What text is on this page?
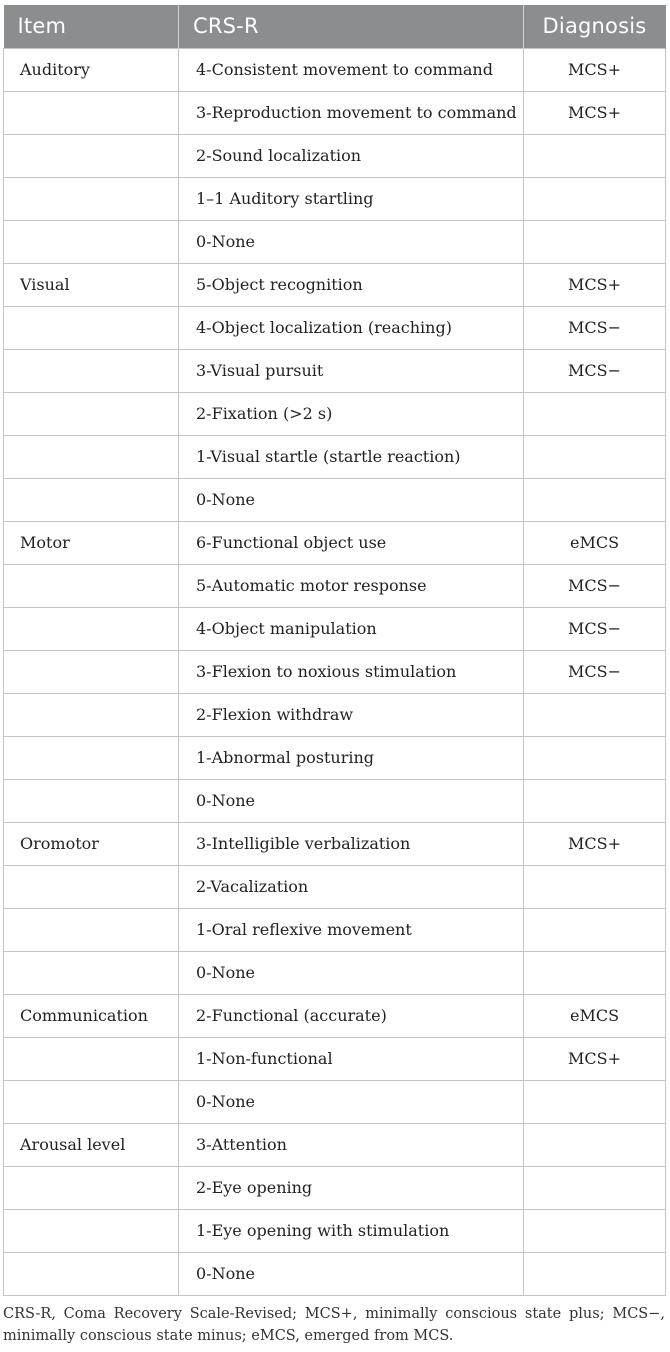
Item	CRS-R	Diagnosis
Auditory	4-Consistent movement to command	MCS+
	3-Reproduction movement to command	MCS+
	2-Sound localization	
	1–1 Auditory startling	
	0-None	
Visual	5-Object recognition	MCS+
	4-Object localization (reaching)	MCS−
	3-Visual pursuit	MCS−
	2-Fixation (>2 s)	
	1-Visual startle (startle reaction)	
	0-None	
Motor	6-Functional object use	eMCS
	5-Automatic motor response	MCS−
	4-Object manipulation	MCS−
	3-Flexion to noxious stimulation	MCS−
	2-Flexion withdraw	
	1-Abnormal posturing	
	0-None	
Oromotor	3-Intelligible verbalization	MCS+
	2-Vacalization	
	1-Oral reflexive movement	
	0-None	
Communication	2-Functional (accurate)	eMCS
	1-Non-functional	MCS+
	0-None	
Arousal level	3-Attention	
	2-Eye opening	
	1-Eye opening with stimulation	
	0-None	
CRS-R, Coma Recovery Scale-Revised; MCS+, minimally conscious state plus; MCS−, minimally conscious state minus; eMCS, emerged from MCS.
